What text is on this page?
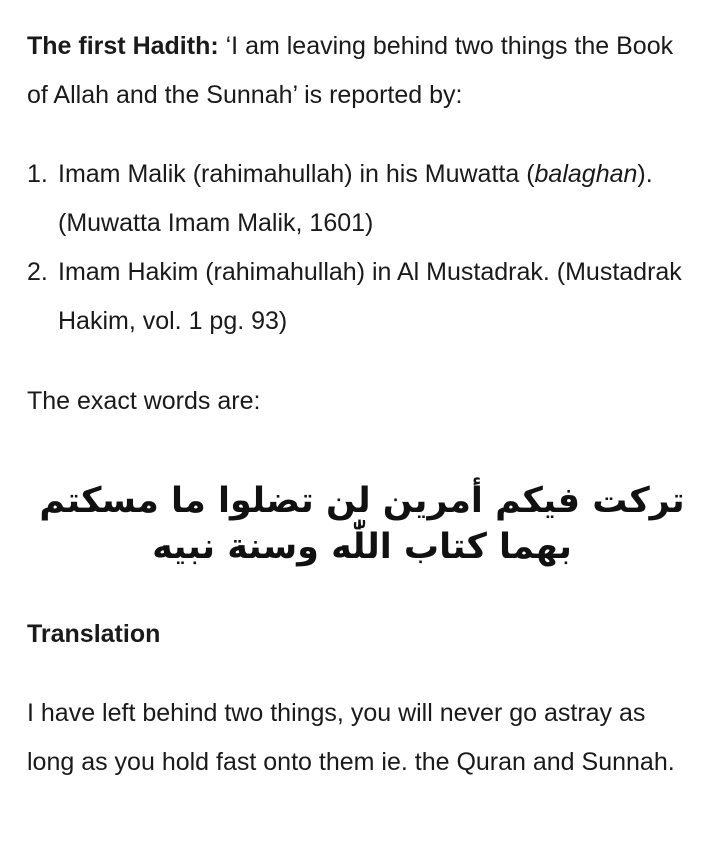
The first Hadith: ‘I am leaving behind two things the Book of Allah and the Sunnah’ is reported by:

1. Imam Malik (rahimahullah) in his Muwatta (balaghan). (Muwatta Imam Malik, 1601)
2. Imam Hakim (rahimahullah) in Al Mustadrak. (Mustadrak Hakim, vol. 1 pg. 93)

The exact words are:

تركت فيكم أمرين لن تضلوا ما مسكتم بهما كتاب اللّٰه وسنة نبيه

Translation

I have left behind two things, you will never go astray as long as you hold fast onto them ie. the Quran and Sunnah.
